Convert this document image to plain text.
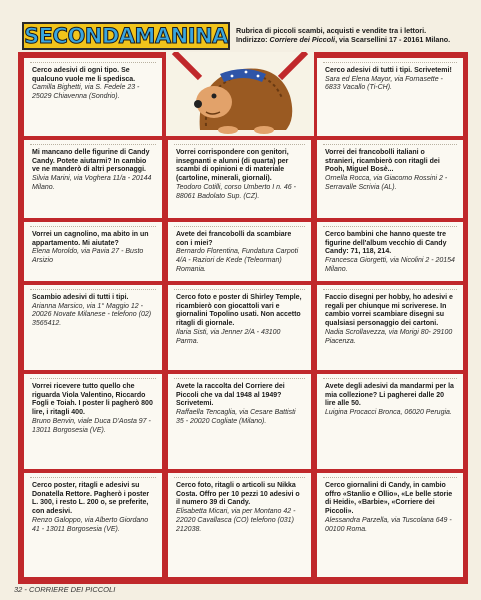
SECONDAMANINA Rubrica di piccoli scambi, acquisti e vendite tra i lettori.
Indirizzo: Corriere dei Piccoli, via Scarsellini 17 - 20161 Milano.

Cerco adesivi di ogni tipo. Se qualcuno vuole me li spedisca.

Camilla Bighetti, via S. Fedele 23 - 25029 Chiavenna (Sondrio).

Cerco adesivi di tutti i tipi. Scrivetemi!

Sara ed Elena Mayor, via Fornasette - 6833 Vacallo (Ti-CH).

Mi mancano delle figurine di Candy Candy. Potete aiutarmi? In cambio ve ne manderò di altri personaggi.

Silvia Marini, via Voghera 11/a - 20144 Milano.

Vorrei corrispondere con genitori, insegnanti e alunni (di quarta) per scambi di opinioni e di materiale (cartoline, minerali, giornali).

Teodoro Cotilli, corso Umberto I n. 46 - 88061 Badolato Sup. (CZ).

Vorrei dei francobolli italiani o stranieri, ricambierò con ritagli dei Pooh, Miguel Bosè...

Ornella Rocca, via Giacomo Rossini 2 - Serravalle Scrivia (AL).

Vorrei un cagnolino, ma abito in un appartamento. Mi aiutate?

Elena Moroldo, via Pavia 27 - Busto Arsizio

Avete dei francobolli da scambiare con i miei?

Bernardo Florentina, Fundatura Carpoti 4/A - Raziori de Kede (Teleorman) Romania.

Cerco bambini che hanno queste tre figurine dell'album vecchio di Candy Candy: 71, 118, 214.

Francesca Giorgetti, via Nicolini 2 - 20154 Milano.

Scambio adesivi di tutti i tipi.

Arianna Marsico, via 1° Maggio 12 - 20026 Novate Milanese - telefono (02) 3565412.

Cerco foto e poster di Shirley Temple, ricambierò con giocattoli vari e giornalini Topolino usati. Non accetto ritagli di giornale.

Ilaria Sisti, via Jenner 2/A - 43100 Parma.

Faccio disegni per hobby, ho adesivi e regali per chiunque mi scriverese. In cambio vorrei scambiare disegni su qualsiasi personaggio dei cartoni.

Nadia Scrollavezza, via Morigi 80- 29100 Piacenza.

Vorrei ricevere tutto quello che riguarda Viola Valentino, Riccardo Fogli e Toiah. I poster li pagherò 800 lire, i ritagli 400.

Bruno Benvin, viale Duca D'Aosta 97 - 13011 Borgosesia (VE).

Avete la raccolta del Corriere dei Piccoli che va dal 1948 al 1949? Scrivetemi.

Raffaella Tencaglia, via Cesare Battisti 35 - 20020 Cogliate (Milano).

Avete degli adesivi da mandarmi per la mia collezione? Li pagherei dalle 20 lire alle 50.

Luigina Procacci Bronca, 06020 Perugia.

Cerco poster, ritagli e adesivi su Donatella Rettore. Pagherò i poster L. 300, i resto L. 200 o, se preferite, con adesivi.

Renzo Galoppo, via Alberto Giordano 41 - 13011 Borgosesia (VE).

Cerco foto, ritagli o articoli su Nikka Costa. Offro per 10 pezzi 10 adesivi o il numero 39 di Candy.

Elisabetta Micari, via per Montano 42 - 22020 Cavallasca (CO) telefono (031) 212038.

Cerco giornalini di Candy, in cambio offro «Stanlio e Ollio», «Le belle storie di Heidi», «Barbie», «Corriere dei Piccoli».

Alessandra Parzella, via Tuscolana 649 - 00100 Roma.

32 - CORRIERE DEI PICCOLI
